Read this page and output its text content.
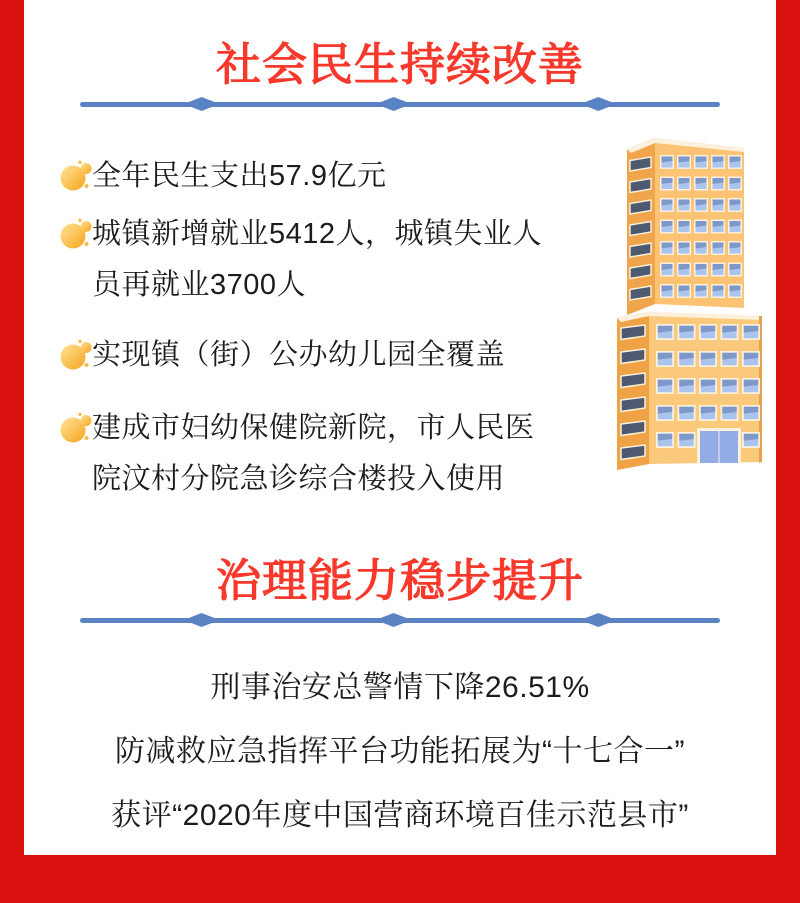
社会民生持续改善
全年民生支出57.9亿元
城镇新增就业5412人，城镇失业人员再就业3700人
实现镇（街）公办幼儿园全覆盖
建成市妇幼保健院新院，市人民医院汶村分院急诊综合楼投入使用
治理能力稳步提升

刑事治安总警情下降26.51%

防减救应急指挥平台功能拓展为“十七合一”

获评“2020年度中国营商环境百佳示范县市”
